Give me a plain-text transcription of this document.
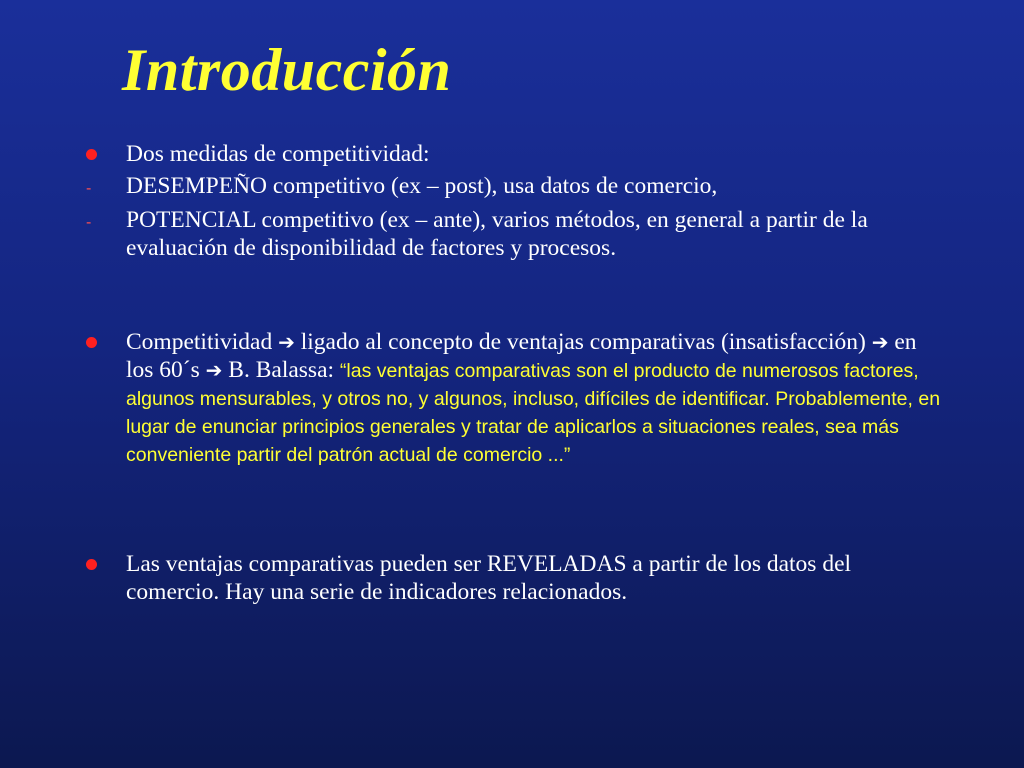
Introducción
Dos medidas de competitividad:
- DESEMPEÑO competitivo (ex – post), usa datos de comercio,
- POTENCIAL competitivo (ex – ante), varios métodos, en general a partir de la evaluación de disponibilidad de factores y procesos.
Competitividad ➔ ligado al concepto de ventajas comparativas (insatisfacción) ➔ en los 60´s ➔ B. Balassa: “las ventajas comparativas son el producto de numerosos factores, algunos mensurables, y otros no, y algunos, incluso, difíciles de identificar. Probablemente, en lugar de enunciar principios generales y tratar de aplicarlos a situaciones reales, sea más conveniente partir del patrón actual de comercio ...”
Las ventajas comparativas pueden ser REVELADAS a partir de los datos del comercio. Hay una serie de indicadores relacionados.
